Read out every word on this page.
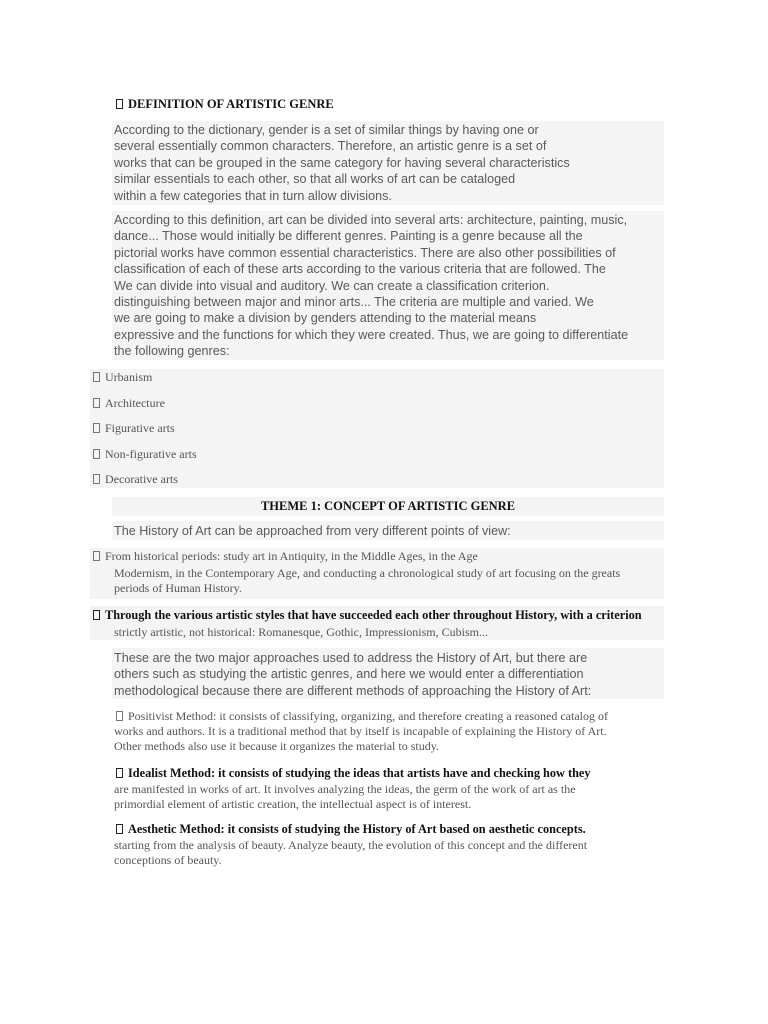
DEFINITION OF ARTISTIC GENRE
According to the dictionary, gender is a set of similar things by having one or
several essentially common characters. Therefore, an artistic genre is a set of
works that can be grouped in the same category for having several characteristics
similar essentials to each other, so that all works of art can be cataloged
within a few categories that in turn allow divisions.
According to this definition, art can be divided into several arts: architecture, painting, music,
dance... Those would initially be different genres. Painting is a genre because all the
pictorial works have common essential characteristics. There are also other possibilities of
classification of each of these arts according to the various criteria that are followed. The
We can divide into visual and auditory. We can create a classification criterion.
distinguishing between major and minor arts... The criteria are multiple and varied. We
we are going to make a division by genders attending to the material means
expressive and the functions for which they were created. Thus, we are going to differentiate
the following genres:
Urbanism
Architecture
Figurative arts
Non-figurative arts
Decorative arts
THEME 1: CONCEPT OF ARTISTIC GENRE
The History of Art can be approached from very different points of view:
From historical periods: study art in Antiquity, in the Middle Ages, in the Age
Modernism, in the Contemporary Age, and conducting a chronological study of art focusing on the greats
periods of Human History.
Through the various artistic styles that have succeeded each other throughout History, with a criterion
strictly artistic, not historical: Romanesque, Gothic, Impressionism, Cubism...
These are the two major approaches used to address the History of Art, but there are
others such as studying the artistic genres, and here we would enter a differentiation
methodological because there are different methods of approaching the History of Art:
Positivist Method: it consists of classifying, organizing, and therefore creating a reasoned catalog of
works and authors. It is a traditional method that by itself is incapable of explaining the History of Art.
Other methods also use it because it organizes the material to study.
Idealist Method: it consists of studying the ideas that artists have and checking how they
are manifested in works of art. It involves analyzing the ideas, the germ of the work of art as the
primordial element of artistic creation, the intellectual aspect is of interest.
Aesthetic Method: it consists of studying the History of Art based on aesthetic concepts.
starting from the analysis of beauty. Analyze beauty, the evolution of this concept and the different
conceptions of beauty.
